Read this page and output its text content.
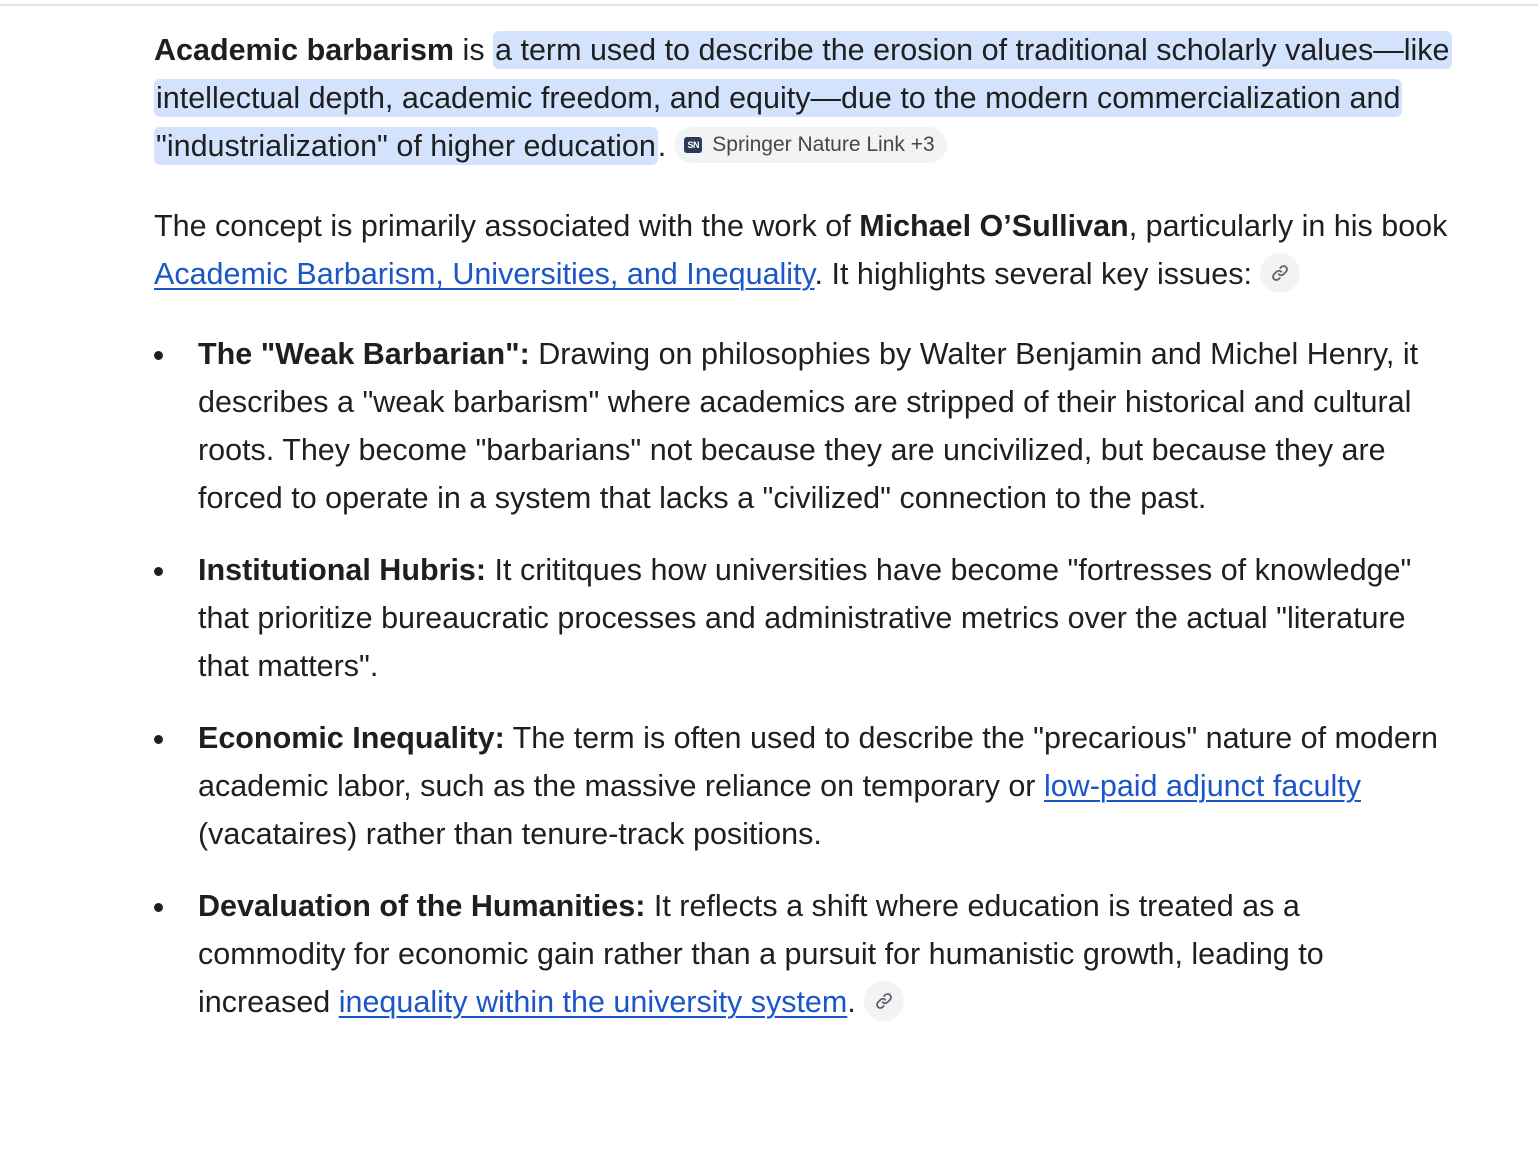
Academic barbarism is a term used to describe the erosion of traditional scholarly values—like intellectual depth, academic freedom, and equity—due to the modern commercialization and "industrialization" of higher education.	SN Springer Nature Link +3

The concept is primarily associated with the work of Michael O’Sullivan, particularly in his book Academic Barbarism, Universities, and Inequality. It highlights several key issues:

The "Weak Barbarian": Drawing on philosophies by Walter Benjamin and Michel Henry, it describes a "weak barbarism" where academics are stripped of their historical and cultural roots. They become "barbarians" not because they are uncivilized, but because they are forced to operate in a system that lacks a "civilized" connection to the past.
Institutional Hubris: It crititques how universities have become "fortresses of knowledge" that prioritize bureaucratic processes and administrative metrics over the actual "literature that matters".
Economic Inequality: The term is often used to describe the "precarious" nature of modern academic labor, such as the massive reliance on temporary or low-paid adjunct faculty (vacataires) rather than tenure-track positions.
Devaluation of the Humanities: It reflects a shift where education is treated as a commodity for economic gain rather than a pursuit for humanistic growth, leading to increased inequality within the university system.
